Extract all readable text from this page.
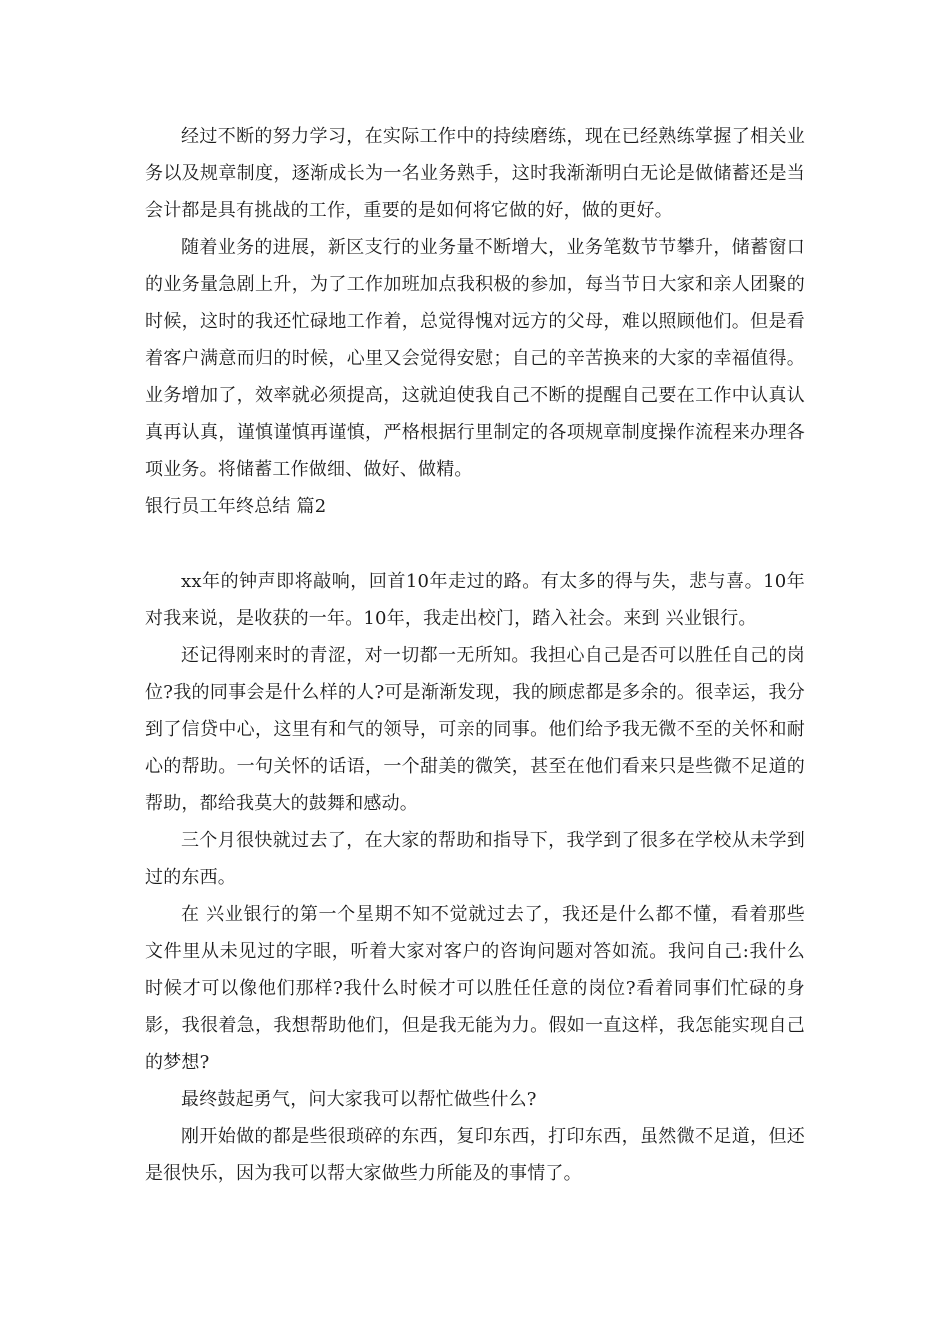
经过不断的努力学习，在实际工作中的持续磨练，现在已经熟练掌握了相关业务以及规章制度，逐渐成长为一名业务熟手，这时我渐渐明白无论是做储蓄还是当会计都是具有挑战的工作，重要的是如何将它做的好，做的更好。

随着业务的进展，新区支行的业务量不断增大，业务笔数节节攀升，储蓄窗口的业务量急剧上升，为了工作加班加点我积极的参加，每当节日大家和亲人团聚的时候，这时的我还忙碌地工作着，总觉得愧对远方的父母，难以照顾他们。但是看着客户满意而归的时候，心里又会觉得安慰；自己的辛苦换来的大家的幸福值得。业务增加了，效率就必须提高，这就迫使我自己不断的提醒自己要在工作中认真认真再认真，谨慎谨慎再谨慎，严格根据行里制定的各项规章制度操作流程来办理各项业务。将储蓄工作做细、做好、做精。

银行员工年终总结 篇2

xx年的钟声即将敲响，回首10年走过的路。有太多的得与失，悲与喜。10年对我来说，是收获的一年。10年，我走出校门，踏入社会。来到 兴业银行。

还记得刚来时的青涩，对一切都一无所知。我担心自己是否可以胜任自己的岗位?我的同事会是什么样的人?可是渐渐发现，我的顾虑都是多余的。很幸运，我分到了信贷中心，这里有和气的领导，可亲的同事。他们给予我无微不至的关怀和耐心的帮助。一句关怀的话语，一个甜美的微笑，甚至在他们看来只是些微不足道的帮助，都给我莫大的鼓舞和感动。

三个月很快就过去了，在大家的帮助和指导下，我学到了很多在学校从未学到过的东西。

在 兴业银行的第一个星期不知不觉就过去了，我还是什么都不懂，看着那些文件里从未见过的字眼，听着大家对客户的咨询问题对答如流。我问自己:我什么时候才可以像他们那样?我什么时候才可以胜任任意的岗位?看着同事们忙碌的身影，我很着急，我想帮助他们，但是我无能为力。假如一直这样，我怎能实现自己的梦想?

最终鼓起勇气，问大家我可以帮忙做些什么?

刚开始做的都是些很琐碎的东西，复印东西，打印东西，虽然微不足道，但还是很快乐，因为我可以帮大家做些力所能及的事情了。
